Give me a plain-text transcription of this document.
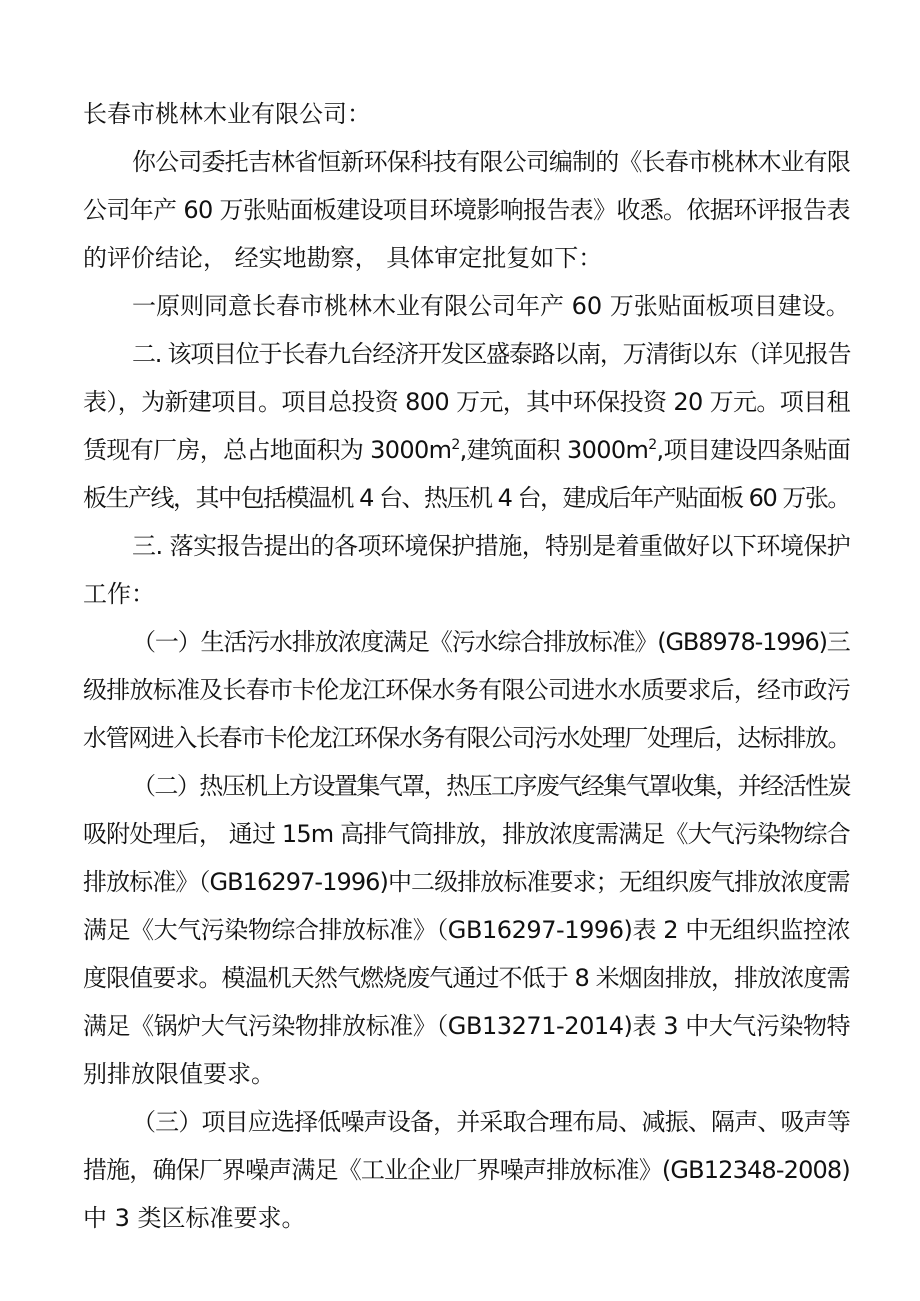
长春市桃林木业有限公司：
你公司委托吉林省恒新环保科技有限公司编制的《长春市桃林木业有限
公司年产 60 万张贴面板建设项目环境影响报告表》收悉。依据环评报告表
的评价结论， 经实地勘察， 具体审定批复如下：
一原则同意长春市桃林木业有限公司年产 60 万张贴面板项目建设。
二. 该项目位于长春九台经济开发区盛泰路以南，万清街以东（详见报告
表），为新建项目。项目总投资 800 万元，其中环保投资 20 万元。项目租
赁现有厂房，总占地面积为 $3000m^2$,建筑面积 $3000m^2$,项目建设四条贴面
板生产线，其中包括模温机 4 台、热压机 4 台，建成后年产贴面板 60 万张。
三. 落实报告提出的各项环境保护措施，特别是着重做好以下环境保护
工作：
（一）生活污水排放浓度满足《污水综合排放标准》(GB8978-1996)三
级排放标准及长春市卡伦龙江环保水务有限公司进水水质要求后，经市政污
水管网进入长春市卡伦龙江环保水务有限公司污水处理厂处理后，达标排放。
（二）热压机上方设置集气罩，热压工序废气经集气罩收集，并经活性炭
吸附处理后， 通过 15m 高排气筒排放，排放浓度需满足《大气污染物综合
排放标准》（GB16297-1996)中二级排放标准要求；无组织废气排放浓度需
满足《大气污染物综合排放标准》（GB16297-1996)表 2 中无组织监控浓
度限值要求。模温机天然气燃烧废气通过不低于 8 米烟囱排放，排放浓度需
满足《锅炉大气污染物排放标准》（GB13271-2014)表 3 中大气污染物特
别排放限值要求。
（三）项目应选择低噪声设备，并采取合理布局、减振、隔声、吸声等
措施，确保厂界噪声满足《工业企业厂界噪声排放标准》(GB12348-2008)
中 3 类区标准要求。
